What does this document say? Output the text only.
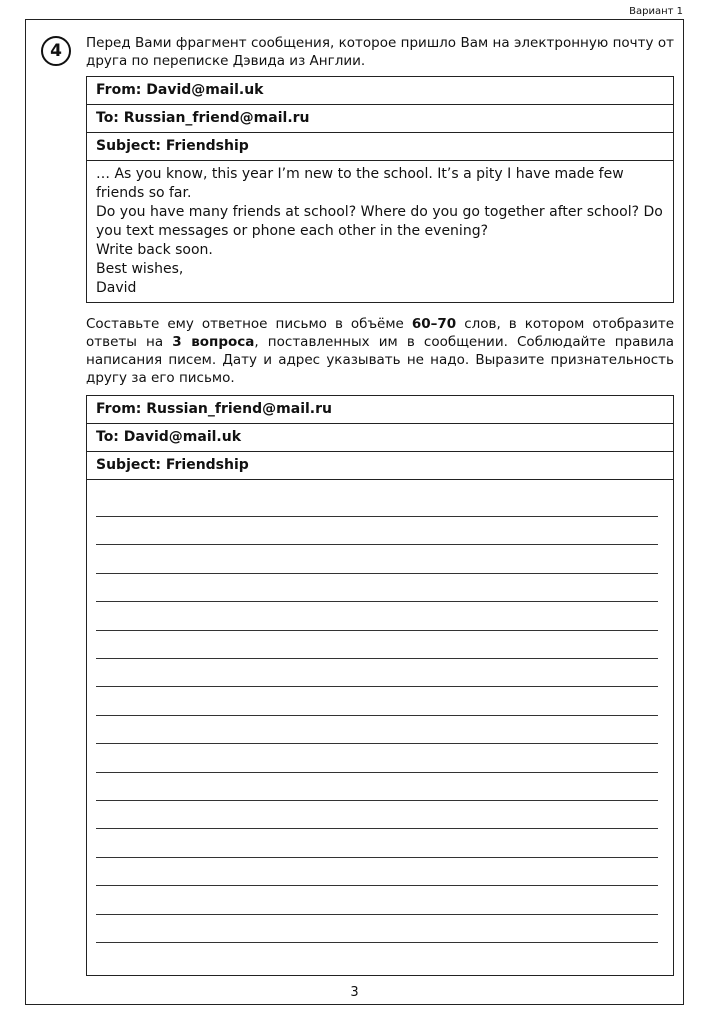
Вариант 1
4	Перед Вами фрагмент сообщения, которое пришло Вам на электронную почту от друга по переписке Дэвида из Англии.
From: David@mail.uk
To: Russian_friend@mail.ru
Subject: Friendship
… As you know, this year I’m new to the school. It’s a pity I have made few friends so far.
Do you have many friends at school? Where do you go together after school? Do you text messages or phone each other in the evening?
Write back soon.
Best wishes,
David
Составьте ему ответное письмо в объёме 60–70 слов, в котором отобразите ответы на 3 вопроса, поставленных им в сообщении. Соблюдайте правила написания писем. Дату и адрес указывать не надо. Выразите признательность другу за его письмо.
From: Russian_friend@mail.ru
To: David@mail.uk
Subject: Friendship
3
